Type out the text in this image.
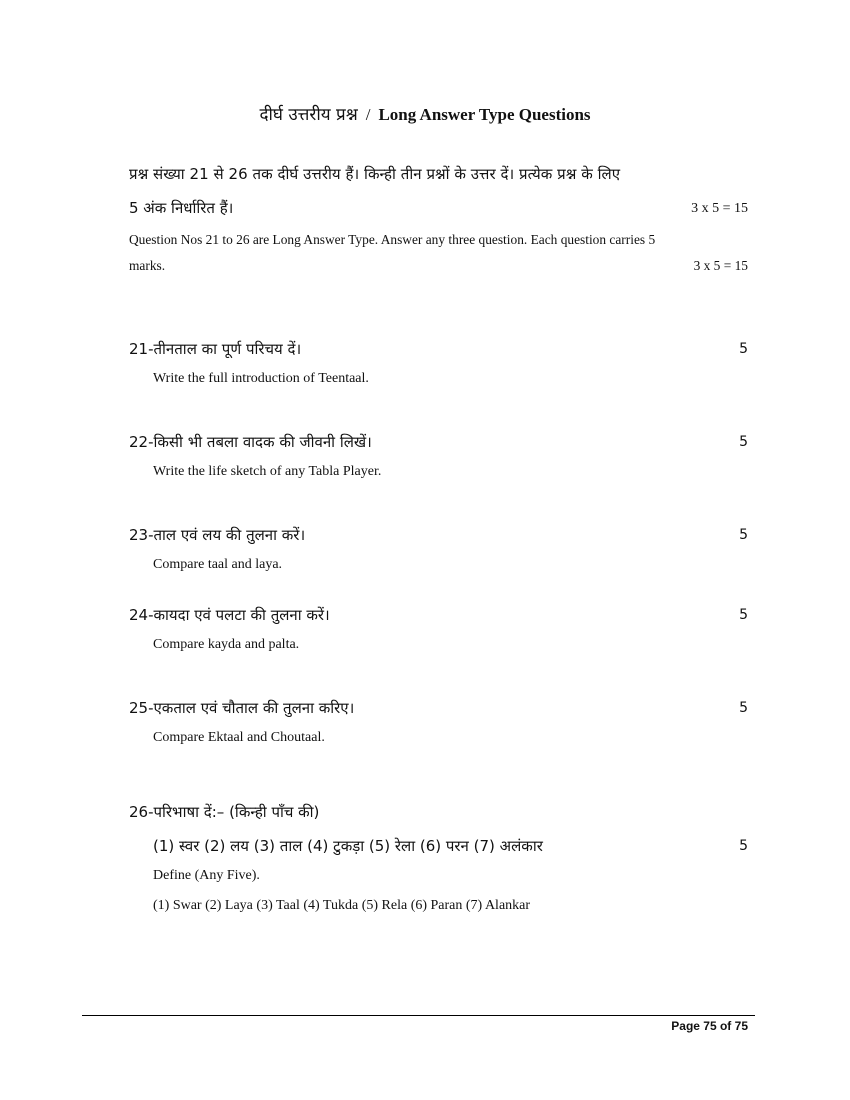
दीर्घ उत्तरीय प्रश्न / Long Answer Type Questions
प्रश्न संख्या 21 से 26 तक दीर्घ उत्तरीय हैं। किन्ही तीन प्रश्नों के उत्तर दें। प्रत्येक प्रश्न के लिए
5 अंक निर्धारित हैं।	3 x 5 = 15
Question Nos 21 to 26 are Long Answer Type. Answer any three question. Each question carries 5
marks.	3 x 5 = 15
21-तीनताल का पूर्ण परिचय दें।	5
Write the full introduction of Teentaal.
22-किसी भी तबला वादक की जीवनी लिखें।	5
Write the life sketch of any Tabla Player.
23-ताल एवं लय की तुलना करें।	5
Compare taal and laya.
24-कायदा एवं पलटा की तुलना करें।	5
Compare kayda and palta.
25-एकताल एवं चौताल की तुलना करिए।	5
Compare Ektaal and Choutaal.
26-परिभाषा दें:– (किन्ही पाँच की)
(1) स्वर (2) लय (3) ताल (4) टुकड़ा (5) रेला (6) परन (7) अलंकार	5
Define (Any Five).
(1) Swar (2) Laya (3) Taal (4) Tukda (5) Rela (6) Paran (7) Alankar
Page 75 of 75
